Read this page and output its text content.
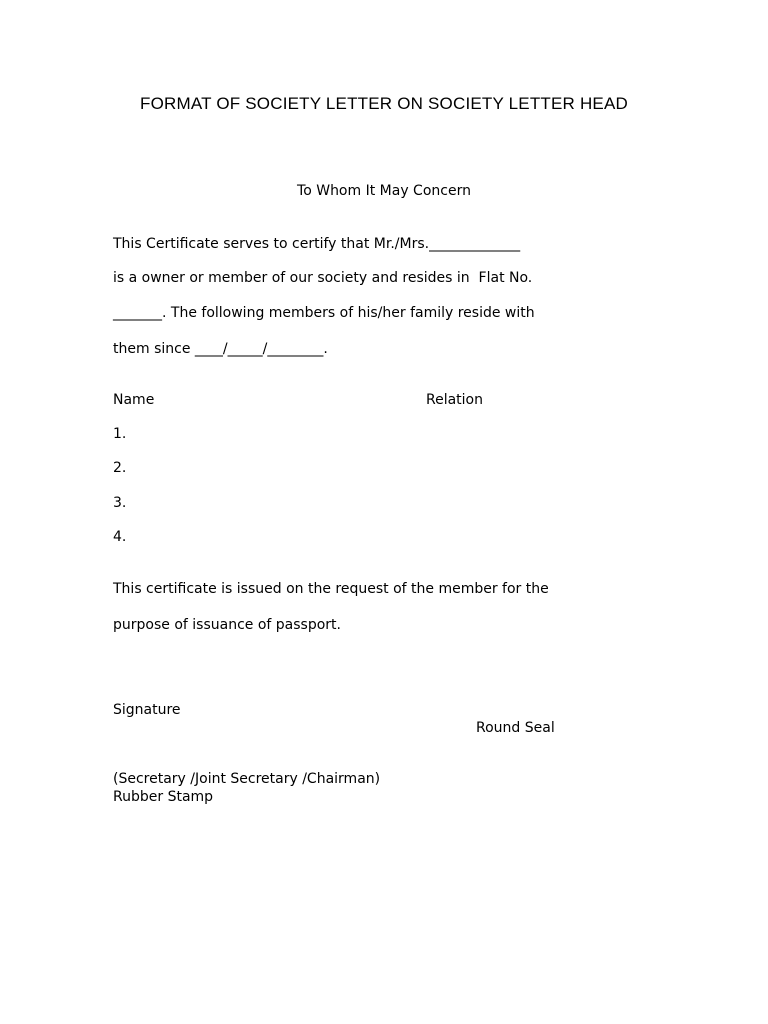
FORMAT OF SOCIETY LETTER ON SOCIETY LETTER HEAD
To Whom It May Concern
This Certificate serves to certify that Mr./Mrs._____________
is a owner or member of our society and resides in  Flat No.
_______. The following members of his/her family reside with
them since ____/_____/________.
Name	Relation
1.
2.
3.
4.
This certificate is issued on the request of the member for the
purpose of issuance of passport.
Signature
Round Seal
(Secretary /Joint Secretary /Chairman)
Rubber Stamp
